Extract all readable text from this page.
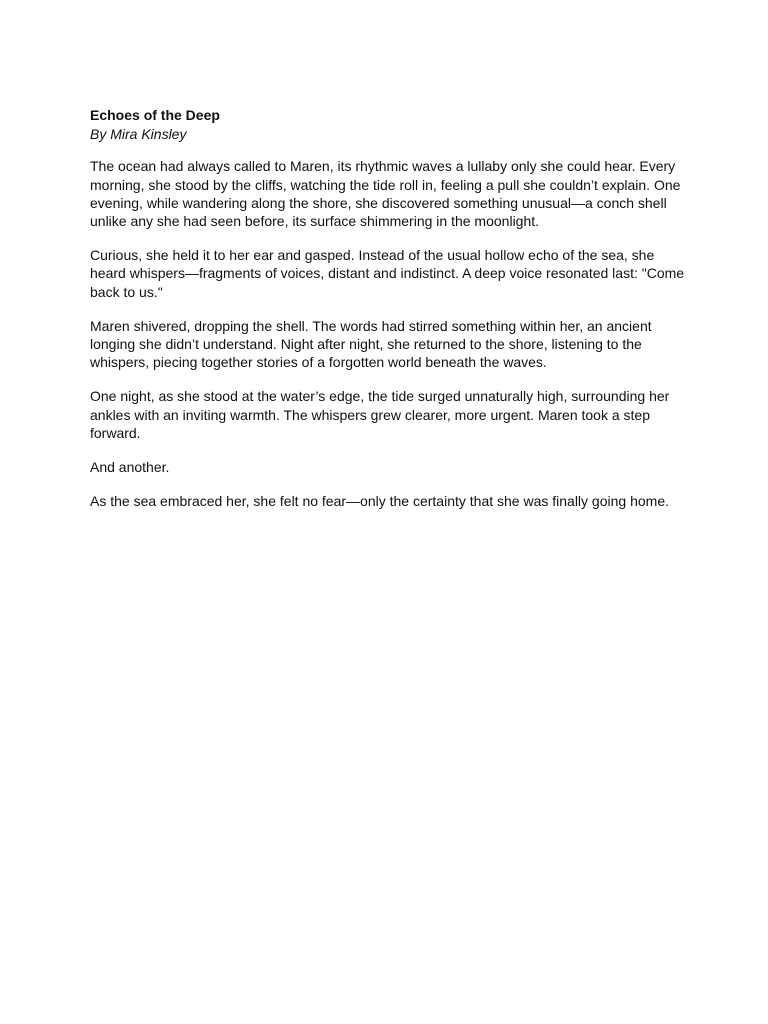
Echoes of the Deep
By Mira Kinsley

The ocean had always called to Maren, its rhythmic waves a lullaby only she could hear. Every morning, she stood by the cliffs, watching the tide roll in, feeling a pull she couldn’t explain. One evening, while wandering along the shore, she discovered something unusual—a conch shell unlike any she had seen before, its surface shimmering in the moonlight.

Curious, she held it to her ear and gasped. Instead of the usual hollow echo of the sea, she heard whispers—fragments of voices, distant and indistinct. A deep voice resonated last: "Come back to us."

Maren shivered, dropping the shell. The words had stirred something within her, an ancient longing she didn’t understand. Night after night, she returned to the shore, listening to the whispers, piecing together stories of a forgotten world beneath the waves.

One night, as she stood at the water’s edge, the tide surged unnaturally high, surrounding her ankles with an inviting warmth. The whispers grew clearer, more urgent. Maren took a step forward.

And another.

As the sea embraced her, she felt no fear—only the certainty that she was finally going home.
